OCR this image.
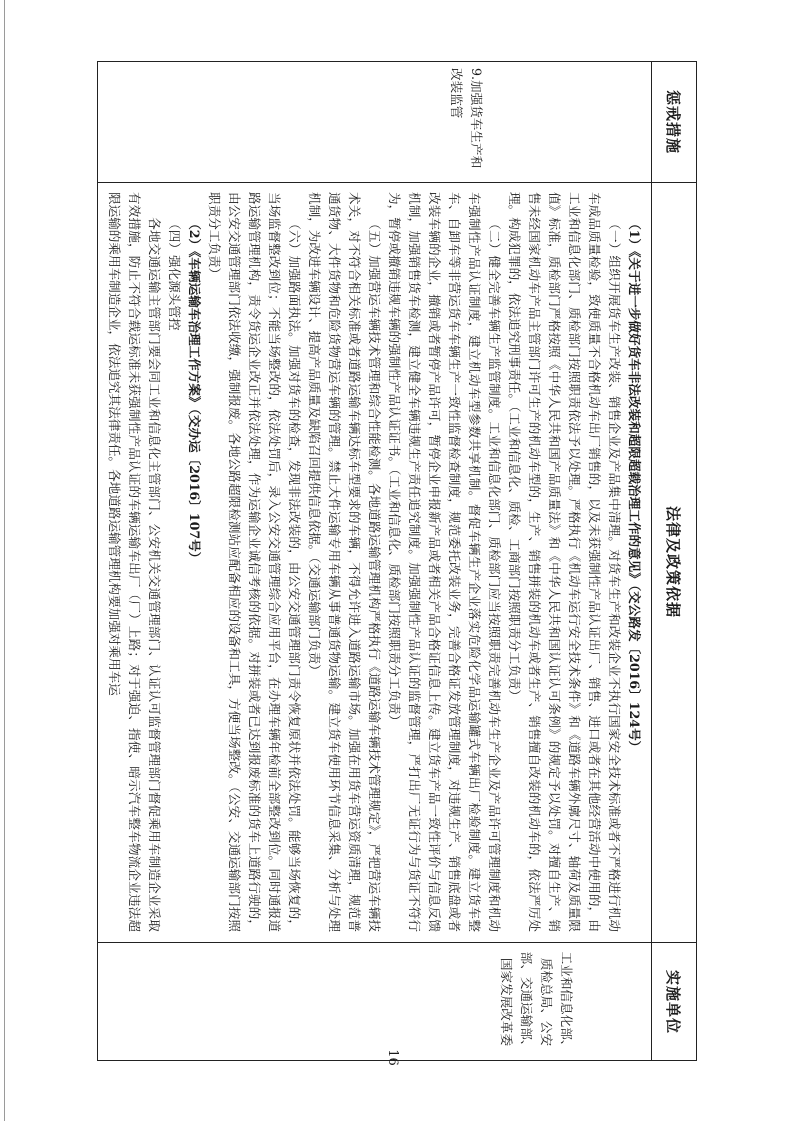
惩戒措施
法律及政策依据
实施单位
9.加强货车生产和改装监管

（1）《关于进一步做好货车非法改装和超限超载治理工作的意见》（交公路发〔2016〕124号）

（一）组织开展货车生产改装、销售企业及产品集中清理。对货车生产和改装企业不执行国家安全技术标准或者不严格进行机动车成品质量检验，致使质量不合格机动车出厂销售的，以及未获强制性产品认证出厂、销售、进口或者在其他经营活动中使用的，由工业和信息化部门、质检部门按照职责依法予以处理。严格执行《机动车运行安全技术条件》和《道路车辆外廓尺寸、轴荷及质量限值》标准，质检部门严格按照《中华人民共和国产品质量法》和《中华人民共和国认证认可条例》的规定予以处罚。对擅自生产、销售未经国家机动车产品主管部门许可生产的机动车型的，生产、销售拼装的机动车或者生产、销售擅自改装的机动车的，依法严厉处理。构成犯罪的，依法追究刑事责任。（工业和信息化、质检、工商部门按照职责分工负责）

（二）健全完善车辆生产监管制度。工业和信息化部门、质检部门应当按照职责完善机动车生产企业及产品许可管理制度和机动车强制性产品认证制度，建立机动车型参数共享机制。督促车辆生产企业落实危险化学品运输罐式车辆出厂检验制度。建立货车整车、自卸车等非营运货车车辆生产一致性监督检查制度，规范委托改装业务，完善合格证发放管理制度，对违规生产、销售底盘或者改装车辆的企业，撤销或者暂停产品许可，暂停企业申报新产品或者相关产品合格证信息上传。建立货车产品一致性评价与信息反馈机制，加强销售货车检测，建立健全车辆违规生产责任追究制度。加强强制性产品认证的监督管理，严打出厂无证行为与货证不符行为，暂停或撤销违规车辆的强制性产品认证证书。（工业和信息化、质检部门按照职责分工负责）

（五）加强营运车辆技术管理和综合性能检测。各地道路运输管理机构严格执行《道路运输车辆技术管理规定》，严把营运车辆技术关，对不符合相关标准或者道路运输车辆达标车型要求的车辆，不得允许进入道路运输市场。加强在用货车营运资质清理，规范普通货物、大件货物和危险货物营运车辆的管理。禁止大件运输专用车辆从事普通货物运输。建立货车使用环节信息采集、分析与处理机制，为改进车辆设计、提高产品质量及缺陷召回提供信息依据。（交通运输部门负责）

（六）加强路面执法。加强对货车的检查，发现非法改装的，由公安交通管理部门责令恢复原状并依法处罚。能够当场恢复的，当场监督整改到位；不能当场整改的，依法处罚后，录入公安交通管理综合应用平台，在办理车辆年检前全部整改到位。同时通报道路运输管理机构，责令货运企业改正并依法处理，作为运输企业诚信考核的依据。对拼装或者已达到报废标准的货车上道路行驶的，由公安交通管理部门依法收缴，强制报废。各地公路超限检测站应配备相应的设备和工具，方便当场整改。（公安、交通运输部门按照职责分工负责）

（2）《车辆运输车治理工作方案》（交办运〔2016〕107号）

（四）强化源头管控

各地交通运输主管部门要会同工业和信息化主管部门、公安机关交通管理部门、认证认可监督管理部门督促乘用车制造企业采取有效措施，防止不符合载运标准未获强制性产品认证的车辆运输车出厂（厂）上路；对于强迫、指使、暗示汽车整车物流企业违法超限运输的乘用车制造企业，依法追究其法律责任。各地道路运输管理机构要加强对乘用车运

工业和信息化部、质检总局、公安部、交通运输部、国家发展改革委
16
